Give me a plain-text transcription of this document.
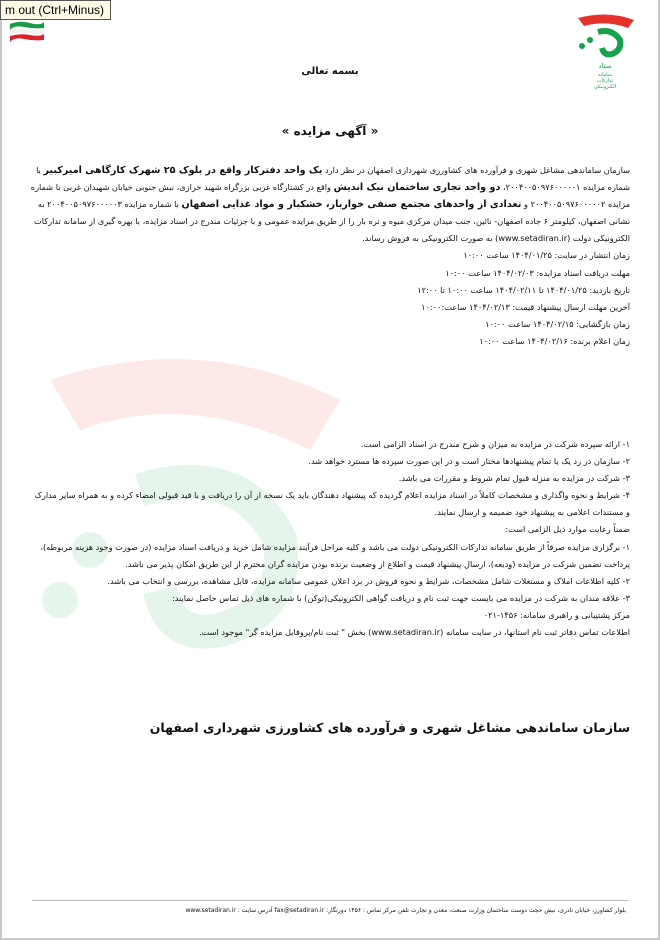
m out (Ctrl+Minus)
ستاد
سامانه
تدارکات
الکترونیکی
بسمه تعالی
« آگهی مزایده »

سازمان ساماندهی مشاغل شهری و فرآورده های کشاورزی شهرداری اصفهان در نظر دارد یک واحد دفترکار واقع در بلوک ۲۵ شهرک کارگاهی امیرکبیر با شماره مزایده ۲۰۰۴۰۰۵۰۹۷۶۰۰۰۰۰۱، دو واحد تجاری ساختمان نیک اندیش واقع در کشتارگاه غربی بزرگراه شهید خرازی، نبش جنوبی خیابان شهیدان غربی با شماره مزایده ۲۰۰۴۰۰۵۰۹۷۶۰۰۰۰۰۲ و تعدادی از واحدهای مجتمع صنفی خواربار، خشکبار و مواد غذایی اصفهان با شماره مزایده ۲۰۰۴۰۰۵۰۹۷۶۰۰۰۰۰۳ به نشانی اصفهان، کیلومتر ۶ جاده اصفهان- نائین، جنب میدان مرکزی میوه و تره بار را از طریق مزایده عمومی و با جزئیات مندرج در اسناد مزایده، با بهره گیری از سامانه تدارکات الکترونیکی دولت (www.setadiran.ir) به صورت الکترونیکی به فروش رساند.

زمان انتشار در سایت: ۱۴۰۴/۰۱/۲۵ ساعت ۱۰:۰۰
مهلت دریافت اسناد مزایده: ۱۴۰۴/۰۲/۰۳ ساعت ۱۰:۰۰
تاریخ بازدید: ۱۴۰۴/۰۱/۲۵ تا ۱۴۰۴/۰۲/۱۱ ساعت ۱۰:۰۰ تا ۱۲:۰۰
آخرین مهلت ارسال پیشنهاد قیمت: ۱۴۰۴/۰۲/۱۳ ساعت:۱۰:۰۰
زمان بازگشایی: ۱۴۰۴/۰۲/۱۵ ساعت ۱۰:۰۰
زمان اعلام برنده: ۱۴۰۴/۰۲/۱۶ ساعت ۱۰:۰۰

۱- ارائه سپرده شرکت در مزایده به میزان و شرح مندرج در اسناد الزامی است.

۲- سازمان در رد یک یا تمام پیشنهادها مختار است و در این صورت سپرده ها مسترد خواهد شد.

۳- شرکت در مزایده به منزله قبول تمام شروط و مقررات می باشد.

۴- شرایط و نحوه واگذاری و مشخصات کاملاً در اسناد مزایده اعلام گردیده که پیشنهاد دهندگان باید یک نسخه از آن را دریافت و با قید قبولی امضاء کرده و به همراه سایر مدارک و مستندات اعلامی به پیشنهاد خود ضمیمه و ارسال نمایند.

ضمناً رعایت موارد ذیل الزامی است:

۱- برگزاری مزایده صرفاً از طریق سامانه تدارکات الکترونیکی دولت می باشد و کلیه مراحل فرآیند مزایده شامل خرید و دریافت اسناد مزایده (در صورت وجود هزینه مربوطه)، پرداخت تضمین شرکت در مزایده (ودیعه)، ارسال پیشنهاد قیمت و اطلاع از وضعیت برنده بودن مزایده گران محترم از این طریق امکان پذیر می باشد.

۲- کلیه اطلاعات املاک و مستغلات شامل مشخصات، شرایط و نحوه فروش در برد اعلان عمومی سامانه مزایده، قابل مشاهده، بررسی و انتخاب می باشد.

۳- علاقه مندان به شرکت در مزایده می بایست جهت ثبت نام و دریافت گواهی الکترونیکی(توکن) با شماره های ذیل تماس حاصل نمایند:

مرکز پشتیبانی و راهبری سامانه: ۱۴۵۶-۰۲۱

اطلاعات تماس دفاتر ثبت نام استانها، در سایت سامانه (www.setadiran.ir) بخش " ثبت نام/پروفایل مزایده گر" موجود است.

سازمان ساماندهی مشاغل شهری و فرآورده های کشاورزی شهرداری اصفهان
بلوار کشاورز، خیابان نادری، نبش حجت دوست ساختمان وزارت صنعت، معدن و تجارت تلفن مرکز تماس : ۱۴۵۶ دورنگار: fax@setadiran.ir آدرس سایت : www.setadiran.ir
